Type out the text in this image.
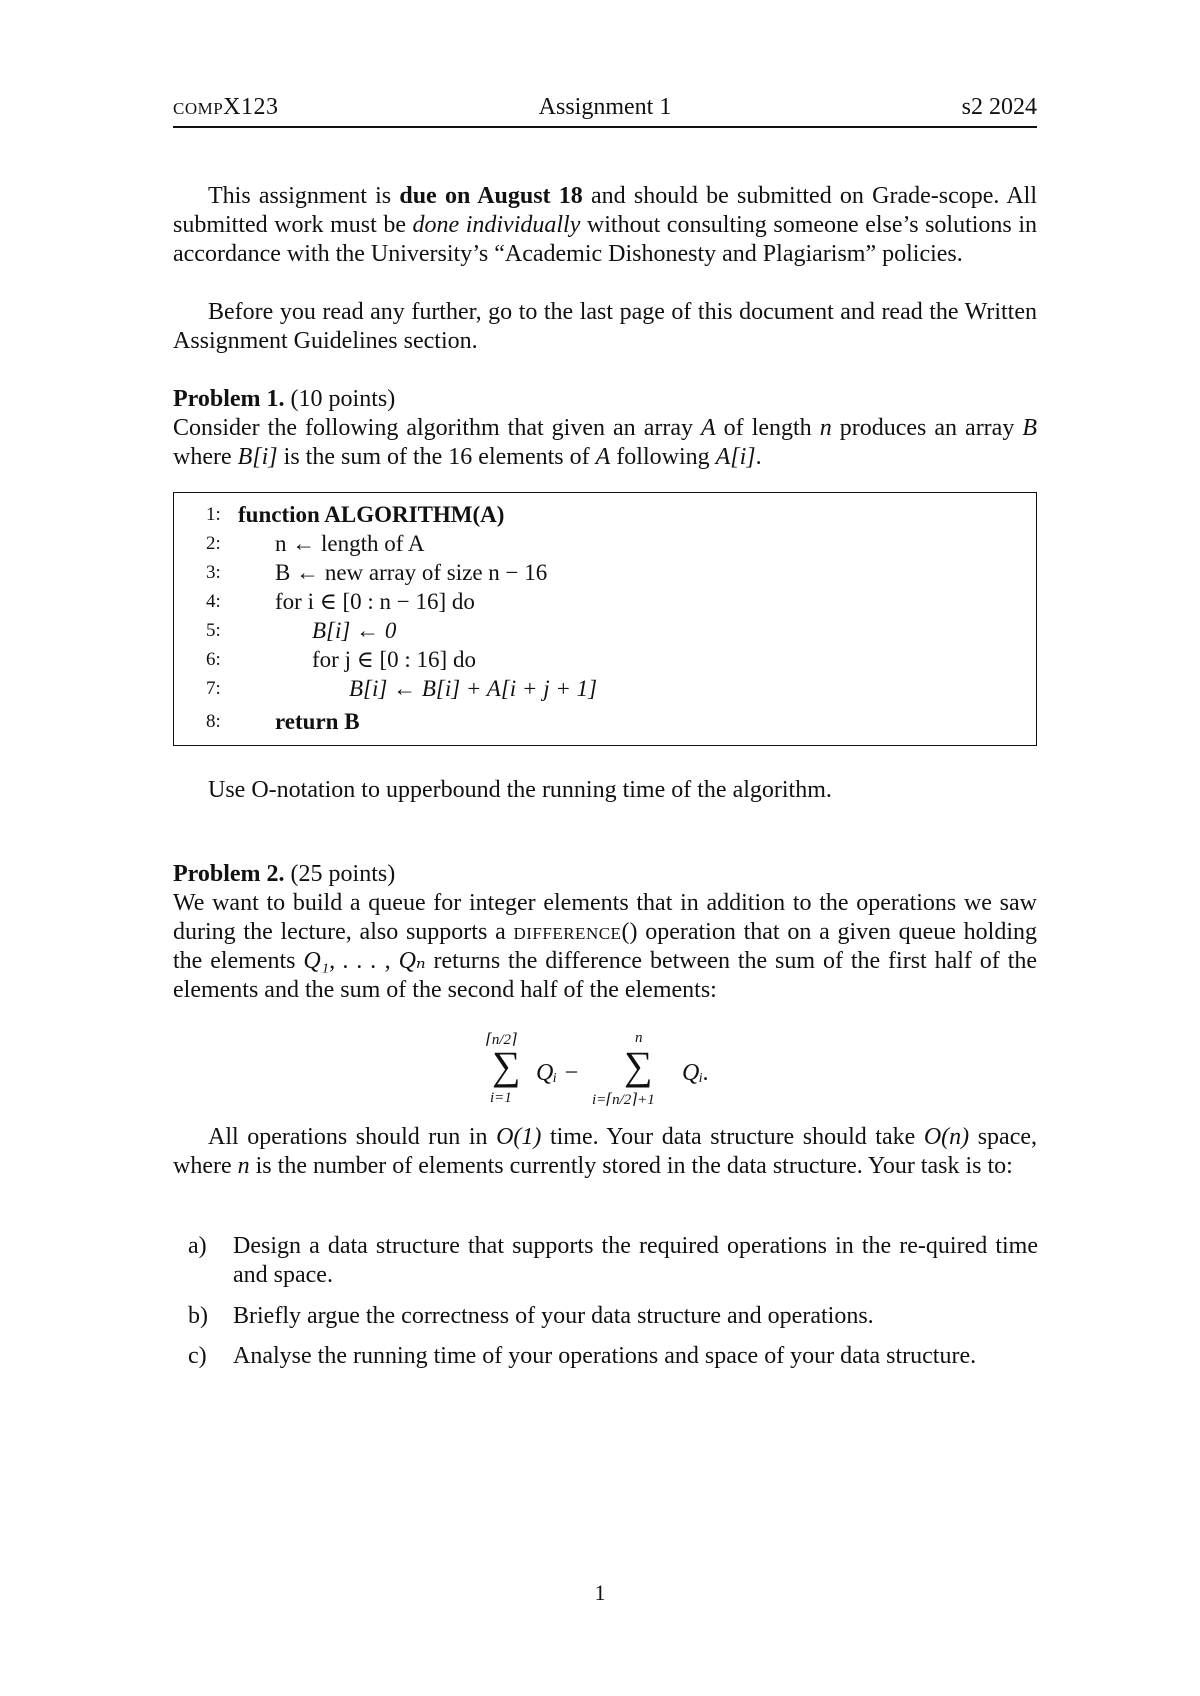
compX123	Assignment 1	s2 2024
This assignment is due on August 18 and should be submitted on Grade-scope. All submitted work must be done individually without consulting someone else’s solutions in accordance with the University’s “Academic Dishonesty and Plagiarism” policies.
Before you read any further, go to the last page of this document and read the Written Assignment Guidelines section.
Problem 1. (10 points)
Consider the following algorithm that given an array A of length n produces an array B where B[i] is the sum of the 16 elements of A following A[i].
1: function ALGORITHM(A)
2:	n ← length of A
3:	B ← new array of size n − 16
4:	for i ∈ [0 : n − 16] do
5:	B[i] ← 0
6:	for j ∈ [0 : 16] do
7:	B[i] ← B[i] + A[i + j + 1]
8:	return B
Use O-notation to upperbound the running time of the algorithm.
Problem 2. (25 points)
We want to build a queue for integer elements that in addition to the operations we saw during the lecture, also supports a difference() operation that on a given queue holding the elements Q₁, . . . , Qₙ returns the difference between the sum of the first half of the elements and the sum of the second half of the elements:
⌈n/2⌉
∑
i=1
Qᵢ −
n
∑
i=⌈n/2⌉+1
Qᵢ.
All operations should run in O(1) time. Your data structure should take O(n) space, where n is the number of elements currently stored in the data structure. Your task is to:
a) Design a data structure that supports the required operations in the re-quired time and space.
b) Briefly argue the correctness of your data structure and operations.
c) Analyse the running time of your operations and space of your data structure.
1
